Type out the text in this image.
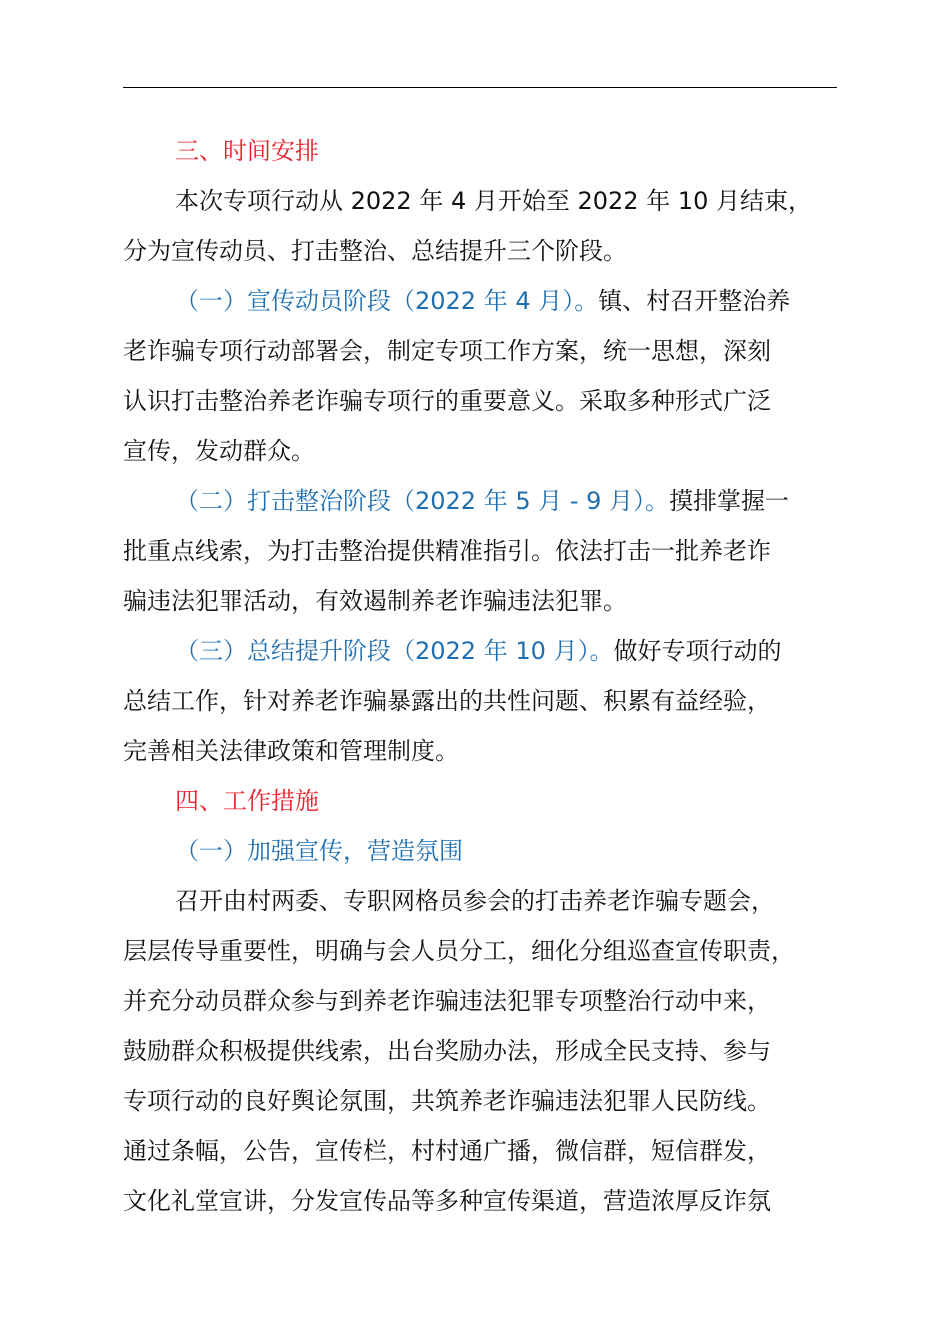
三、时间安排
本次专项行动从 2022 年 4 月开始至 2022 年 10 月结束，
分为宣传动员、打击整治、总结提升三个阶段。
（一）宣传动员阶段（2022 年 4 月）。镇、村召开整治养
老诈骗专项行动部署会，制定专项工作方案，统一思想，深刻
认识打击整治养老诈骗专项行的重要意义。采取多种形式广泛
宣传，发动群众。
（二）打击整治阶段（2022 年 5 月 - 9 月）。摸排掌握一
批重点线索，为打击整治提供精准指引。依法打击一批养老诈
骗违法犯罪活动，有效遏制养老诈骗违法犯罪。
（三）总结提升阶段（2022 年 10 月）。做好专项行动的
总结工作，针对养老诈骗暴露出的共性问题、积累有益经验，
完善相关法律政策和管理制度。
四、工作措施
（一）加强宣传，营造氛围
召开由村两委、专职网格员参会的打击养老诈骗专题会，
层层传导重要性，明确与会人员分工，细化分组巡查宣传职责，
并充分动员群众参与到养老诈骗违法犯罪专项整治行动中来，
鼓励群众积极提供线索，出台奖励办法，形成全民支持、参与
专项行动的良好舆论氛围，共筑养老诈骗违法犯罪人民防线。
通过条幅，公告，宣传栏，村村通广播，微信群，短信群发，
文化礼堂宣讲，分发宣传品等多种宣传渠道，营造浓厚反诈氛
